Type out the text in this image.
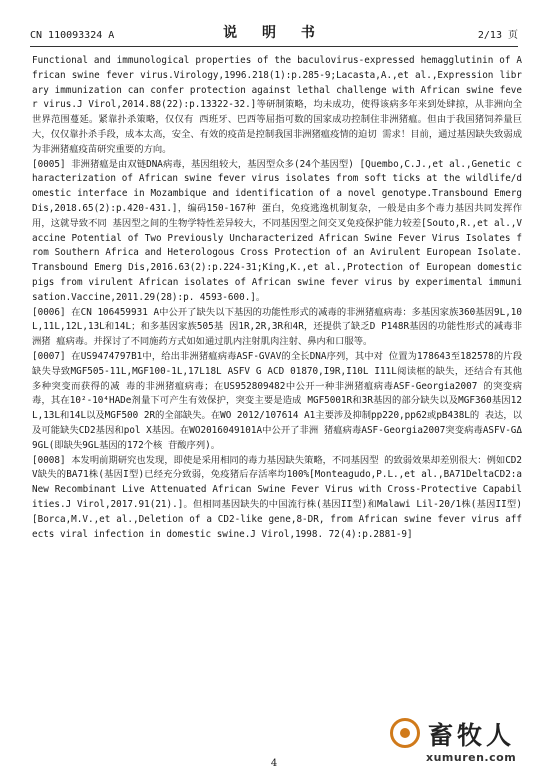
CN 110093324 A	说 明 书	2/13 页

Functional and immunological properties of the baculovirus-expressed hemagglutinin of African swine fever virus.Virology,1996.218(1):p.285-9;Lacasta,A.,et al.,Expression library immunization can confer protection against lethal challenge with African swine fever virus.J Virol,2014.88(22):p.13322-32.]等研制策略，均未成功，使得该病多年来到处肆掠，从非洲向全世界范围蔓延。紧靠扑杀策略，仅仅有 西班牙、巴西等屈指可数的国家成功控制住非洲猪瘟。但由于我国猪饲养量巨大，仅仅靠扑杀手段，成本太高，安全、有效的疫苗是控制我国非洲猪瘟疫情的迫切 需求！目前，通过基因缺失致弱成为非洲猪瘟疫苗研究重要的方向。

[0005] 非洲猪瘟是由双链DNA病毒，基因组较大，基因型众多(24个基因型) [Quembo,C.J.,et al.,Genetic characterization of African swine fever virus isolates from soft ticks at the wildlife/domestic interface in Mozambique and identification of a novel genotype.Transbound Emerg Dis,2018.65(2):p.420-431.]，编码150-167种 蛋白，免疫逃逸机制复杂，一般是由多个毒力基因共同发挥作用，这就导致不同 基因型之间的生物学特性差异较大，不同基因型之间交叉免疫保护能力较差[Souto,R.,et al.,Vaccine Potential of Two Previously Uncharacterized African Swine Fever Virus Isolates from Southern Africa and Heterologous Cross Protection of an Avirulent European Isolate.Transbound Emerg Dis,2016.63(2):p.224-31;King,K.,et al.,Protection of European domestic pigs from virulent African isolates of African swine fever virus by experimental immunisation.Vaccine,2011.29(28):p. 4593-600.]。

[0006] 在CN 106459931 A中公开了缺失以下基因的功能性形式的减毒的非洲猪瘟病毒：多基因家族360基因9L,10L,11L,12L,13L和14L；和多基因家族505基 因1R,2R,3R和4R，还提供了缺乏D P148R基因的功能性形式的减毒非洲猪 瘟病毒。并探讨了不同施药方式如如通过肌内注射肌肉注射、鼻内和口服等。

[0007] 在US9474797B1中，给出非洲猪瘟病毒ASF-GVAV的全长DNA序列，其中对 位置为178643至182578的片段缺失导致MGF505-11L,MGF100-1L,17L18L ASFV G ACD 01870,I9R,I10L I11L阅读框的缺失，还结合有其他多种突变而获得的减 毒的非洲猪瘟病毒；在US952809482中公开一种非洲猪瘟病毒ASF-Georgia2007 的突变病毒，其在10²-10⁴HADe剂量下可产生有效保护，突变主要是造成 MGF5001R和3R基因的部分缺失以及MGF360基因12L,13L和14L以及MGF500 2R的全部缺失。在WO 2012/107614 A1主要涉及抑制pp220,pp62或pB438L的 表达，以及可能缺失CD2基因和pol X基因。在WO2016049101A中公开了非洲 猪瘟病毒ASF-Georgia2007突变病毒ASFV-GΔ9GL(即缺失9GL基因的172个核 苷酸序列)。

[0008] 本发明前期研究也发现，即使是采用相同的毒力基因缺失策略，不同基因型 的致弱效果却差别很大：例如CD2V缺失的BA71株(基因I型)已经充分致弱，免疫猪后存活率均100%[Monteagudo,P.L.,et al.,BA71DeltaCD2:a New Recombinant Live Attenuated African Swine Fever Virus with Cross-Protective Capabilities.J Virol,2017.91(21).]。但相同基因缺失的中国流行株(基因II型)和Malawi Lil-20/1株(基因II型)[Borca,M.V.,et al.,Deletion of a CD2-like gene,8-DR, from African swine fever virus affects viral infection in domestic swine.J Virol,1998. 72(4):p.2881-9]

4
畜牧人
xumuren.com
